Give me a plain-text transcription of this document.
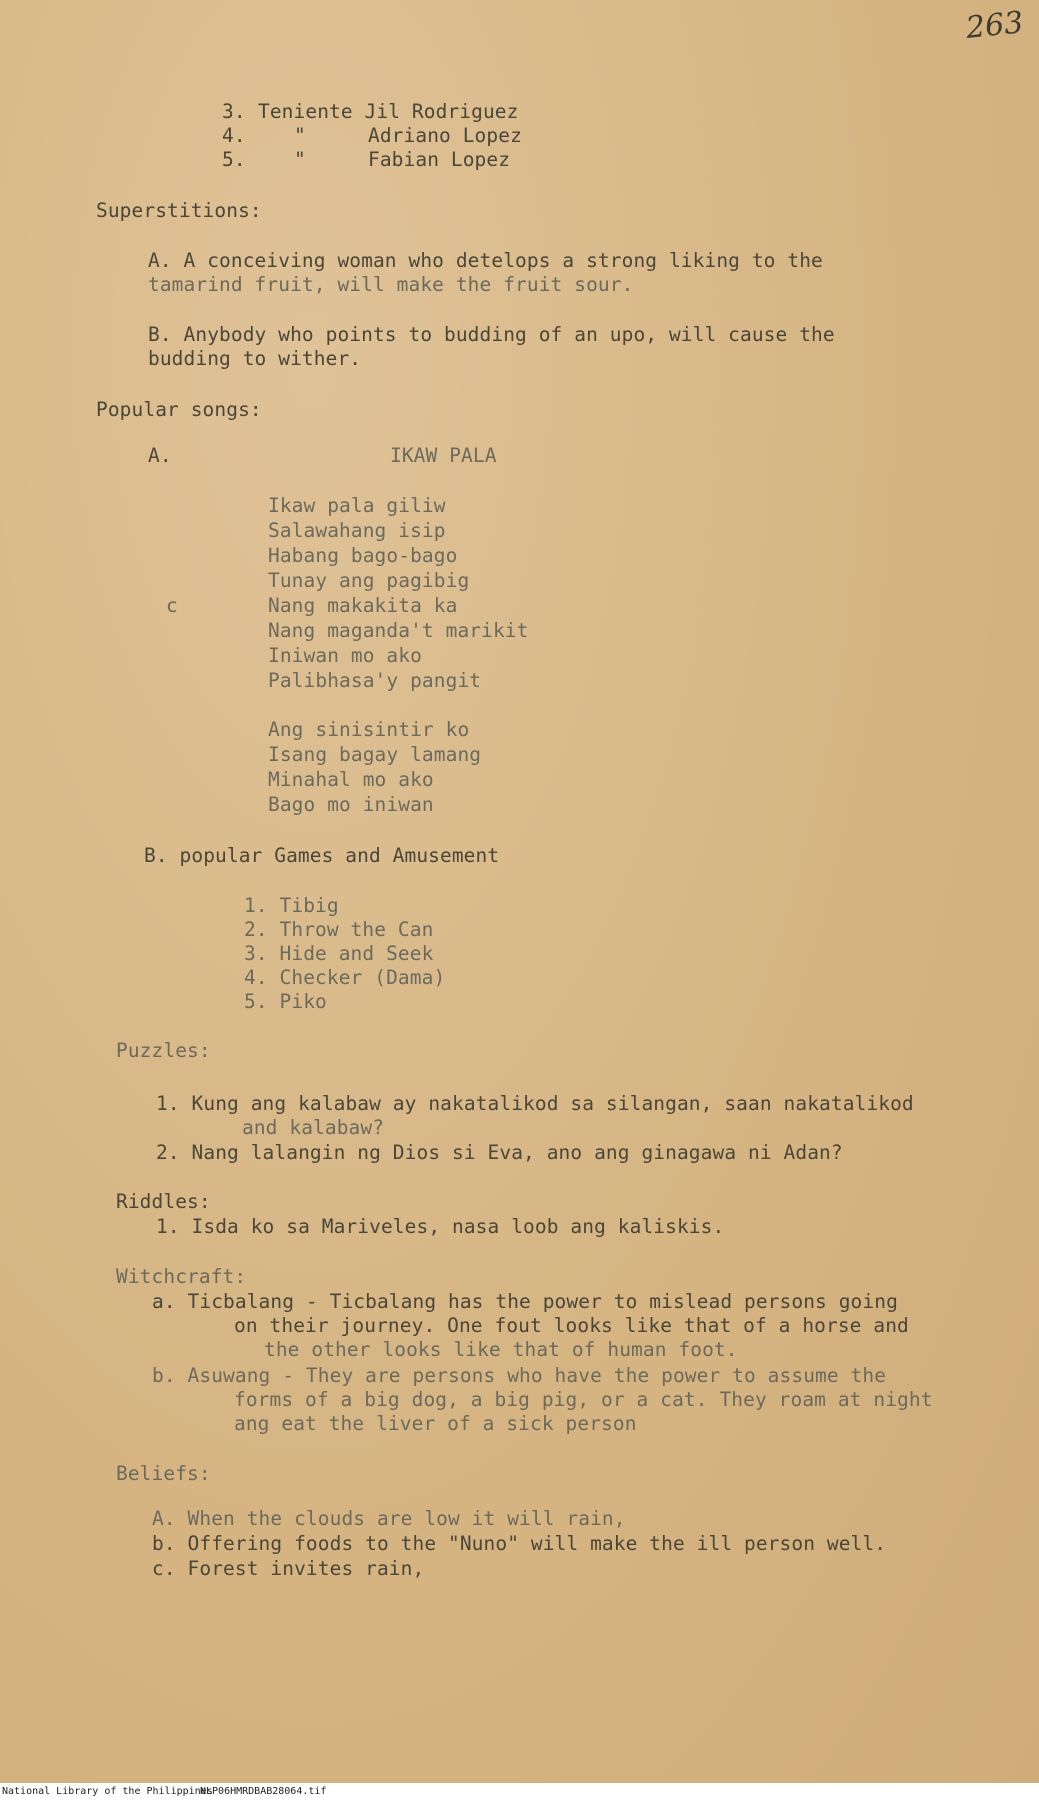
263
3. Teniente Jil Rodriguez
4. "	Adriano Lopez
5. "	Fabian Lopez
Superstitions:
A. A conceiving woman who detelops a strong liking to the
tamarind fruit, will make the fruit sour.
B. Anybody who points to budding of an upo, will cause the
budding to wither.
Popular songs:
A.	IKAW PALA
Ikaw pala giliw
Salawahang isip
Habang bago-bago
Tunay ang pagibig
c	Nang makakita ka
Nang maganda't marikit
Iniwan mo ako
Palibhasa'y pangit
Ang sinisintir ko
Isang bagay lamang
Minahal mo ako
Bago mo iniwan
B. popular Games and Amusement
1. Tibig
2. Throw the Can
3. Hide and Seek
4. Checker (Dama)
5. Piko
Puzzles:
1. Kung ang kalabaw ay nakatalikod sa silangan, saan nakatalikod
and kalabaw?
2. Nang lalangin ng Dios si Eva, ano ang ginagawa ni Adan?
Riddles:
1. Isda ko sa Mariveles, nasa loob ang kaliskis.
Witchcraft:
a. Ticbalang - Ticbalang has the power to mislead persons going
on their journey. One fout looks like that of a horse and
the other looks like that of human foot.
b. Asuwang - They are persons who have the power to assume the
forms of a big dog, a big pig, or a cat. They roam at night
ang eat the liver of a sick person
Beliefs:
A. When the clouds are low it will rain,
b. Offering foods to the "Nuno" will make the ill person well.
c. Forest invites rain,
National Library of the Philippines
NLP06HMRDBAB28064.tif
